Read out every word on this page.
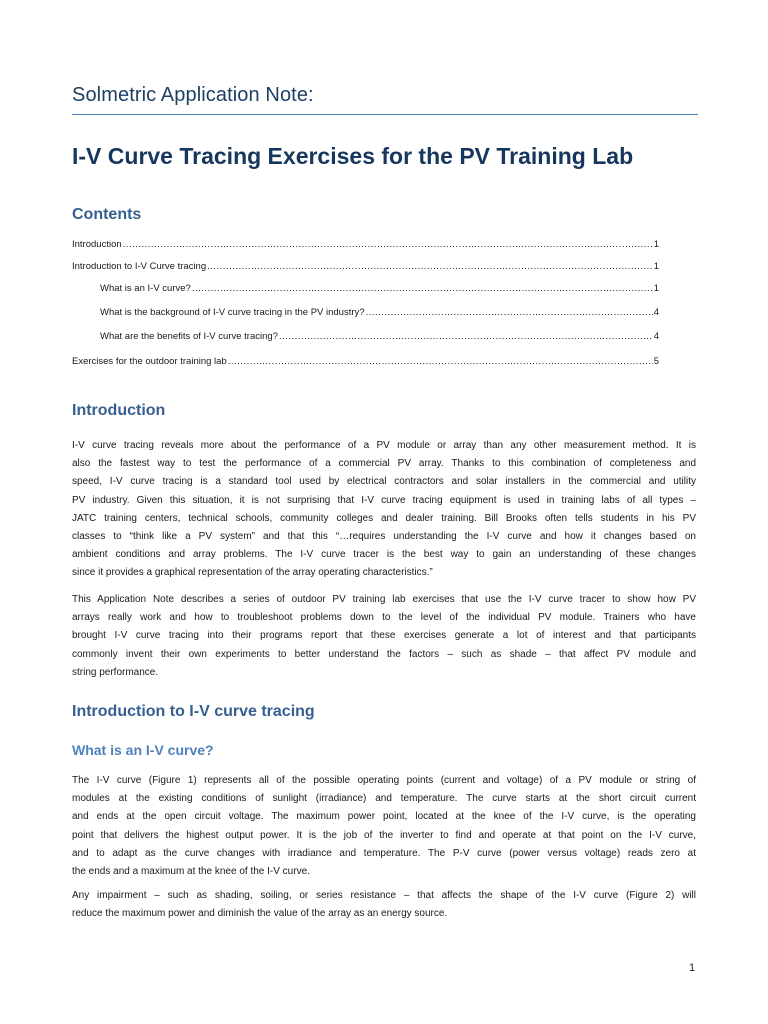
Solmetric Application Note:
I-V Curve Tracing Exercises for the PV Training Lab
Contents
Introduction .....	1
Introduction to I-V Curve tracing .....	1
What is an I-V curve? .....	1
What is the background of I-V curve tracing in the PV industry? .....	4
What are the benefits of I-V curve tracing? .....	4
Exercises for the outdoor training lab .....	5
Introduction
I-V curve tracing reveals more about the performance of a PV module or array than any other measurement method. It is
also the fastest way to test the performance of a commercial PV array. Thanks to this combination of completeness and
speed, I-V curve tracing is a standard tool used by electrical contractors and solar installers in the commercial and utility
PV industry. Given this situation, it is not surprising that I-V curve tracing equipment is used in training labs of all types –
JATC training centers, technical schools, community colleges and dealer training. Bill Brooks often tells students in his PV
classes to “think like a PV system” and that this “…requires understanding the I-V curve and how it changes based on
ambient conditions and array problems. The I-V curve tracer is the best way to gain an understanding of these changes
since it provides a graphical representation of the array operating characteristics.”
This Application Note describes a series of outdoor PV training lab exercises that use the I-V curve tracer to show how PV
arrays really work and how to troubleshoot problems down to the level of the individual PV module. Trainers who have
brought I-V curve tracing into their programs report that these exercises generate a lot of interest and that participants
commonly invent their own experiments to better understand the factors – such as shade – that affect PV module and
string performance.
Introduction to I-V curve tracing
What is an I-V curve?
The I-V curve (Figure 1) represents all of the possible operating points (current and voltage) of a PV module or string of
modules at the existing conditions of sunlight (irradiance) and temperature. The curve starts at the short circuit current
and ends at the open circuit voltage. The maximum power point, located at the knee of the I-V curve, is the operating
point that delivers the highest output power. It is the job of the inverter to find and operate at that point on the I-V curve,
and to adapt as the curve changes with irradiance and temperature. The P-V curve (power versus voltage) reads zero at
the ends and a maximum at the knee of the I-V curve.
Any impairment – such as shading, soiling, or series resistance – that affects the shape of the I-V curve (Figure 2) will
reduce the maximum power and diminish the value of the array as an energy source.
1
